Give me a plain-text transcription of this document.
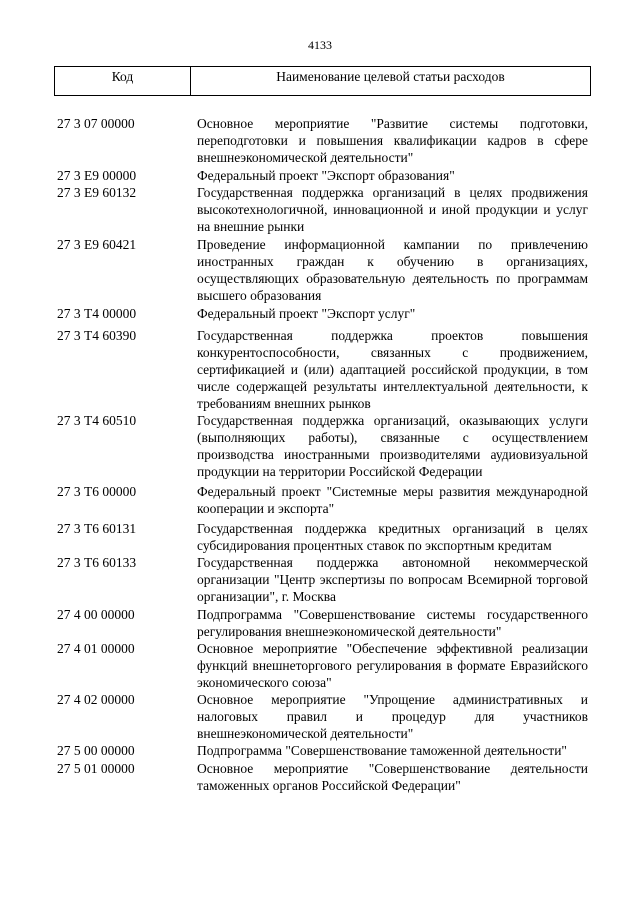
4133
Код	Наименование целевой статьи расходов
27 3 07 00000	Основное мероприятие "Развитие системы подготовки, переподготовки и повышения квалификации кадров в сфере внешнеэкономической деятельности"
27 3 Е9 00000	Федеральный проект "Экспорт образования"
27 3 Е9 60132	Государственная поддержка организаций в целях продвижения высокотехнологичной, инновационной и иной продукции и услуг на внешние рынки
27 3 Е9 60421	Проведение информационной кампании по привлечению иностранных граждан к обучению в организациях, осуществляющих образовательную деятельность по программам высшего образования
27 3 Т4 00000	Федеральный проект "Экспорт услуг"
27 3 Т4 60390	Государственная поддержка проектов повышения конкурентоспособности, связанных с продвижением, сертификацией и (или) адаптацией российской продукции, в том числе содержащей результаты интеллектуальной деятельности, к требованиям внешних рынков
27 3 Т4 60510	Государственная поддержка организаций, оказывающих услуги (выполняющих работы), связанные с осуществлением производства иностранными производителями аудиовизуальной продукции на территории Российской Федерации
27 3 Т6 00000	Федеральный проект "Системные меры развития международной кооперации и экспорта"
27 3 Т6 60131	Государственная поддержка кредитных организаций в целях субсидирования процентных ставок по экспортным кредитам
27 3 Т6 60133	Государственная поддержка автономной некоммерческой организации "Центр экспертизы по вопросам Всемирной торговой организации", г. Москва
27 4 00 00000	Подпрограмма "Совершенствование системы государственного регулирования внешнеэкономической деятельности"
27 4 01 00000	Основное мероприятие "Обеспечение эффективной реализации функций внешнеторгового регулирования в формате Евразийского экономического союза"
27 4 02 00000	Основное мероприятие "Упрощение административных и налоговых правил и процедур для участников внешнеэкономической деятельности"
27 5 00 00000	Подпрограмма "Совершенствование таможенной деятельности"
27 5 01 00000	Основное мероприятие "Совершенствование деятельности таможенных органов Российской Федерации"
